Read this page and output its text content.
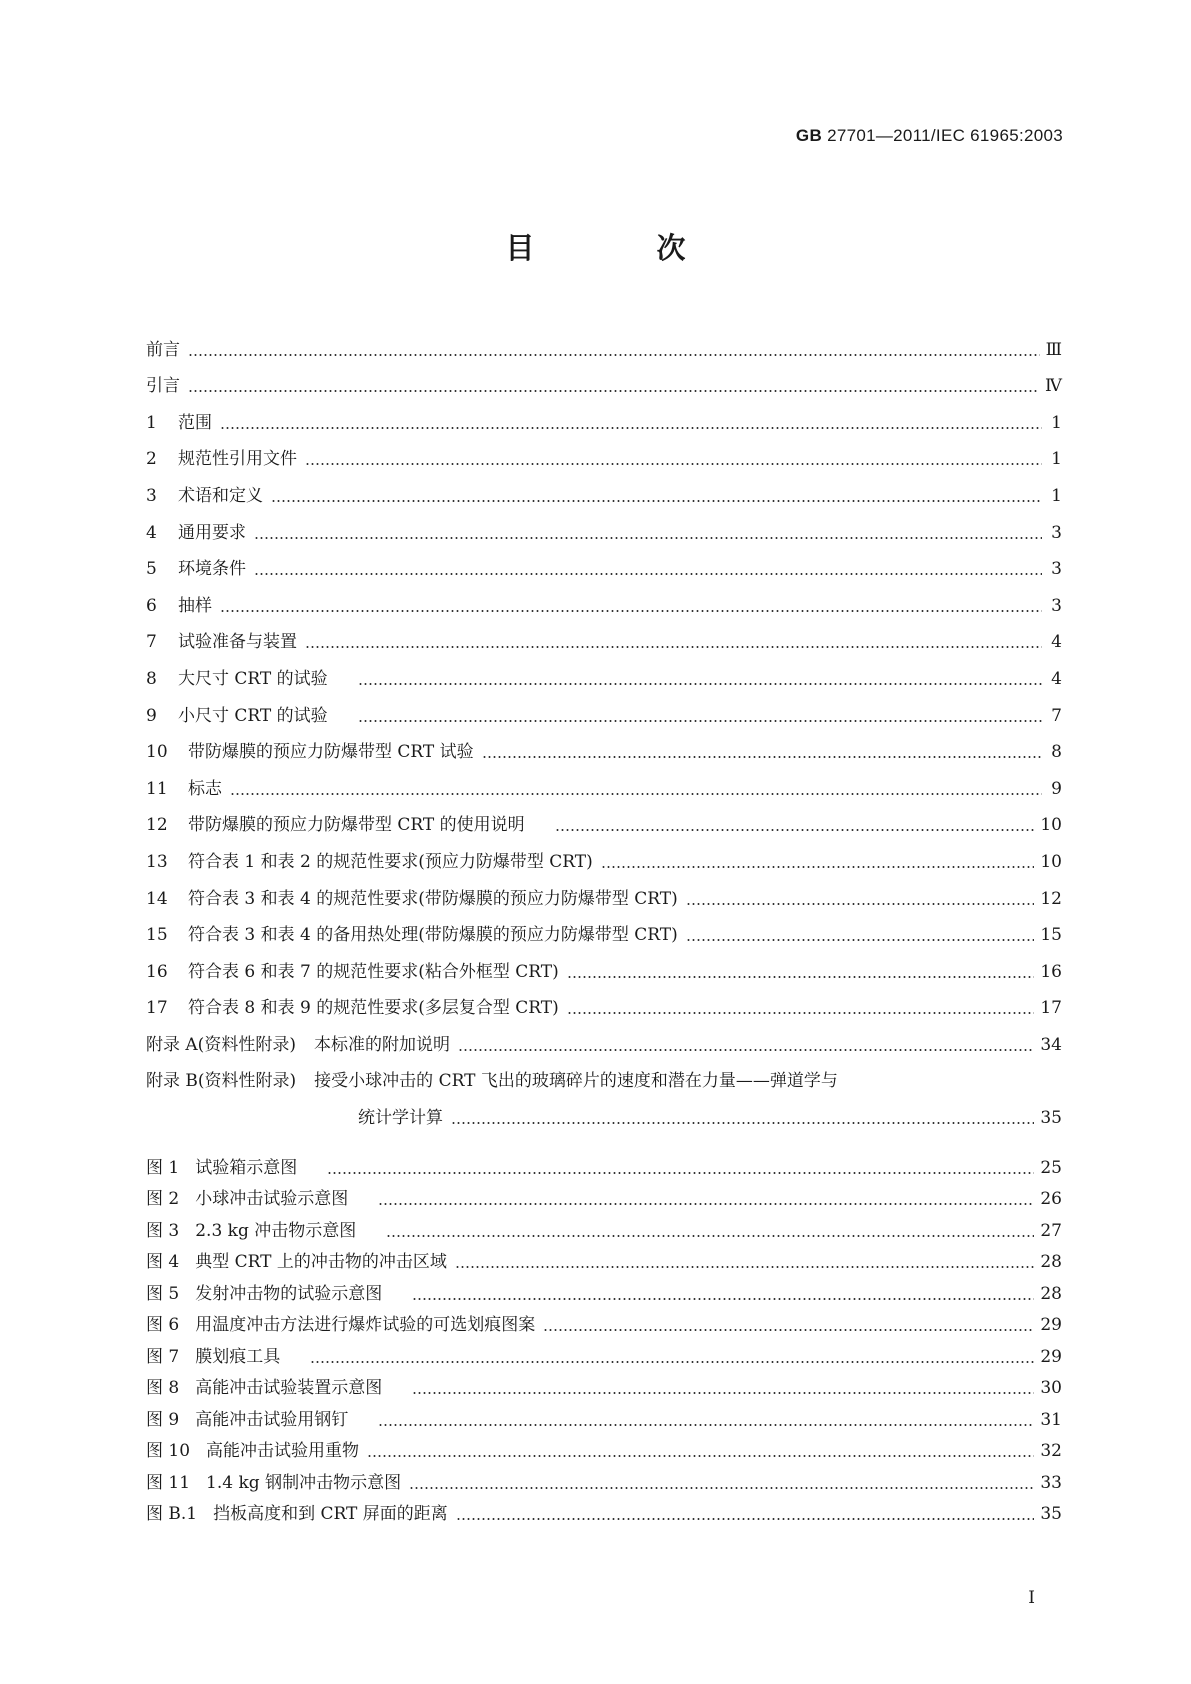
GB 27701—2011/IEC 61965:2003
目 次
前言	Ⅲ
引言	Ⅳ
1	范围	1
2	规范性引用文件	1
3	术语和定义	1
4	通用要求	3
5	环境条件	3
6	抽样	3
7	试验准备与装置	4
8	大尺寸 CRT 的试验	4
9	小尺寸 CRT 的试验	7
10	带防爆膜的预应力防爆带型 CRT 试验	8
11	标志	9
12	带防爆膜的预应力防爆带型 CRT 的使用说明	10
13	符合表 1 和表 2 的规范性要求(预应力防爆带型 CRT)	10
14	符合表 3 和表 4 的规范性要求(带防爆膜的预应力防爆带型 CRT)	12
15	符合表 3 和表 4 的备用热处理(带防爆膜的预应力防爆带型 CRT)	15
16	符合表 6 和表 7 的规范性要求(粘合外框型 CRT)	16
17	符合表 8 和表 9 的规范性要求(多层复合型 CRT)	17
附录 A(资料性附录) 本标准的附加说明	34
附录 B(资料性附录) 接受小球冲击的 CRT 飞出的玻璃碎片的速度和潜在力量——弹道学与
统计学计算	35
图 1 试验箱示意图	25
图 2 小球冲击试验示意图	26
图 3 2.3 kg 冲击物示意图	27
图 4 典型 CRT 上的冲击物的冲击区域	28
图 5 发射冲击物的试验示意图	28
图 6 用温度冲击方法进行爆炸试验的可选划痕图案	29
图 7 膜划痕工具	29
图 8 高能冲击试验装置示意图	30
图 9 高能冲击试验用钢钉	31
图 10 高能冲击试验用重物	32
图 11 1.4 kg 钢制冲击物示意图	33
图 B.1 挡板高度和到 CRT 屏面的距离	35
Ⅰ
